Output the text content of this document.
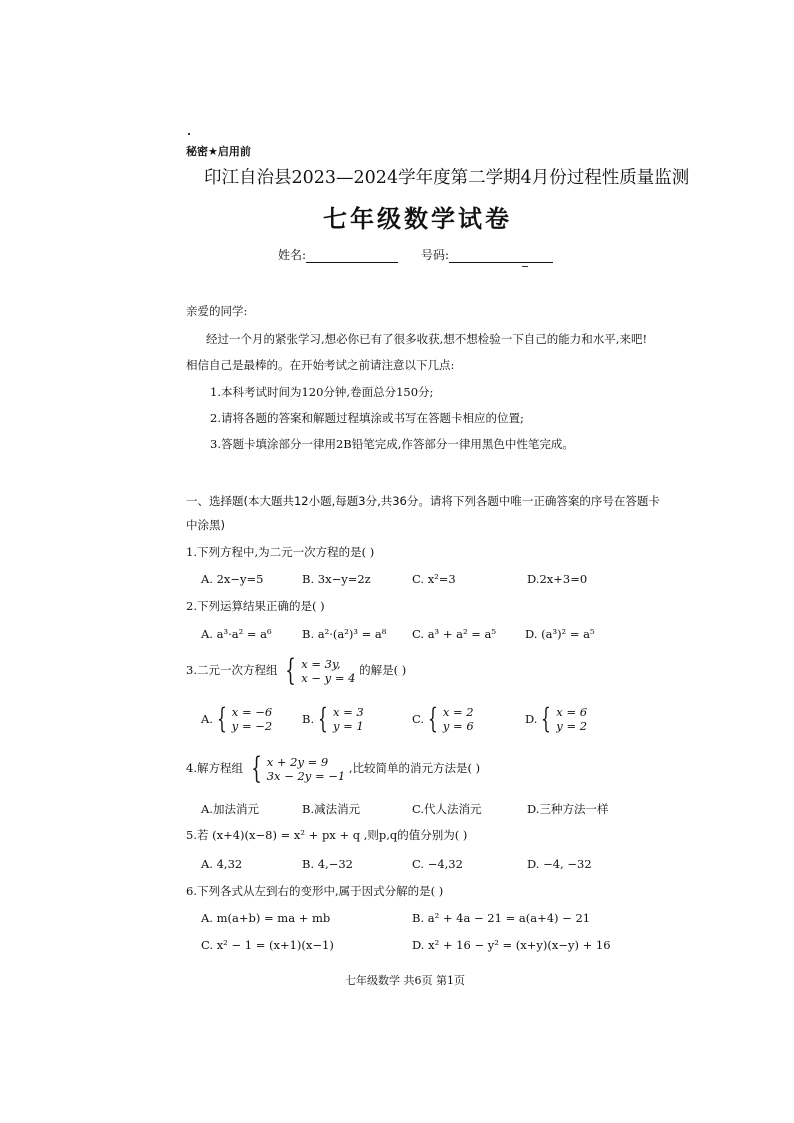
秘密★启用前
印江自治县2023—2024学年度第二学期4月份过程性质量监测
七年级数学试卷
姓名:	号码:
亲爱的同学:
经过一个月的紧张学习,想必你已有了很多收获,想不想检验一下自己的能力和水平,来吧!
相信自己是最棒的。在开始考试之前请注意以下几点:
1.本科考试时间为120分钟,卷面总分150分;
2.请将各题的答案和解题过程填涂或书写在答题卡相应的位置;
3.答题卡填涂部分一律用2B铅笔完成,作答部分一律用黑色中性笔完成。
一、选择题(本大题共12小题,每题3分,共36分。请将下列各题中唯一正确答案的序号在答题卡
中涂黑)
1.下列方程中,为二元一次方程的是( )
A. 2x−y=5	B. 3x−y=2z	C. x²=3	D.2x+3=0
2.下列运算结果正确的是( )
A. a³·a² = a⁶	B. a²·(a²)³ = a⁸ C. a³ + a² = a⁵	D. (a³)² = a⁵
3.二元一次方程组 { x = 3y,
x − y = 4
的解是( )
A. { x = −6
y = −2	B. { x = 3
y = 1	C. { x = 2
y = 6	D. { x = 6
y = 2
4.解方程组 { x + 2y = 9
3x − 2y = −1
,比较简单的消元方法是( )
A.加法消元	B.减法消元	C.代人法消元	D.三种方法一样
5.若 (x+4)(x−8) = x² + px + q ,则p,q的值分别为( )
A. 4,32	B. 4,−32	C. −4,32	D. −4, −32
6.下列各式从左到右的变形中,属于因式分解的是( )
A. m(a+b) = ma + mb	B. a² + 4a − 21 = a(a+4) − 21
C. x² − 1 = (x+1)(x−1)	D. x² + 16 − y² = (x+y)(x−y) + 16
七年级数学 共6页 第1页
